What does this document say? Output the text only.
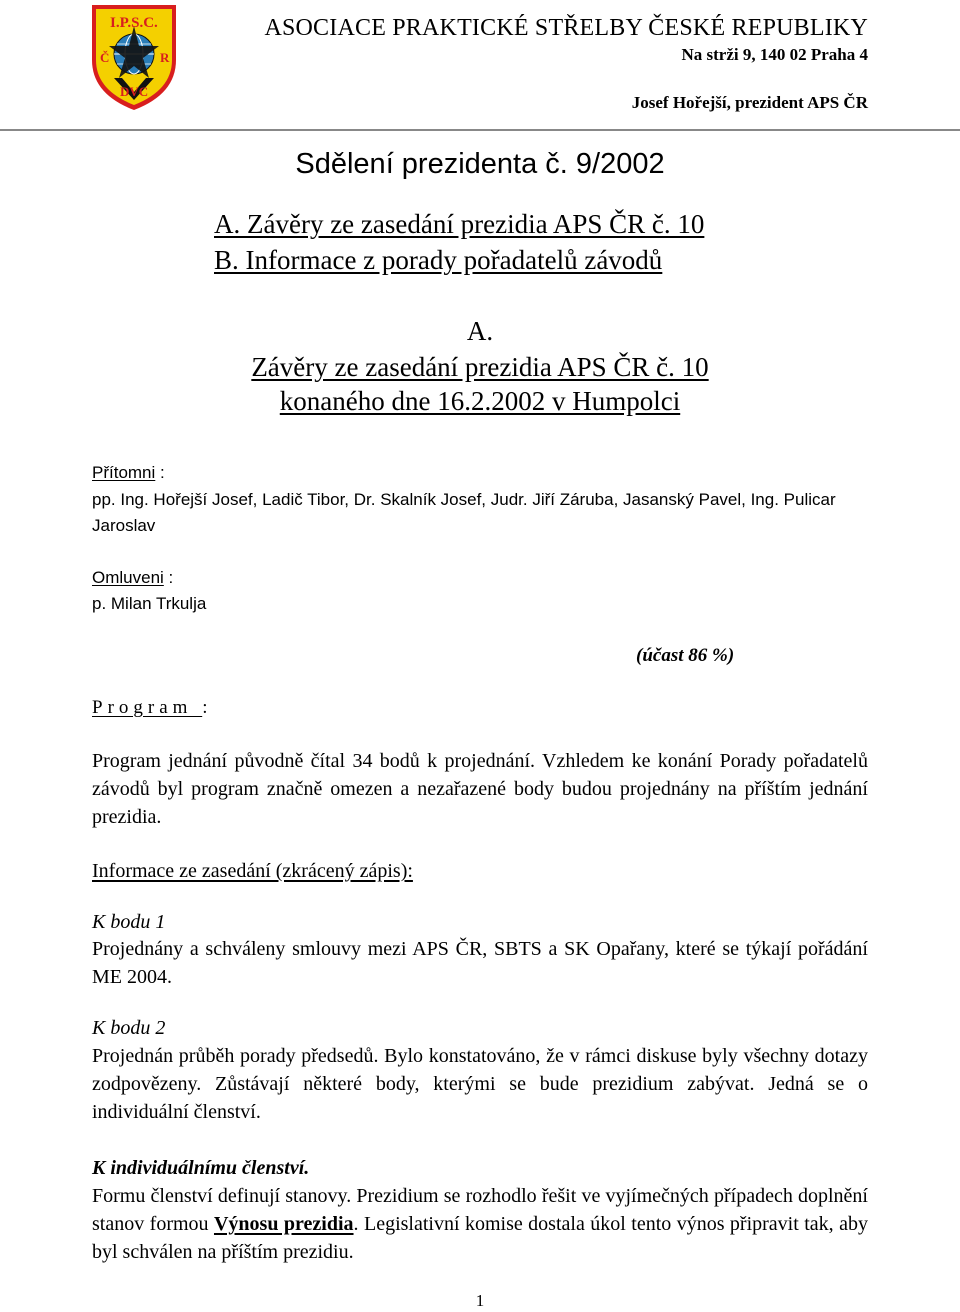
I.P.S.C.
Č	R
DVC
ASOCIACE PRAKTICKÉ STŘELBY ČESKÉ REPUBLIKY
Na strži 9, 140 02 Praha 4
Josef Hořejší, prezident APS ČR
Sdělení prezidenta č. 9/2002
A. Závěry ze zasedání prezidia APS ČR č. 10
B. Informace z porady pořadatelů závodů
A.
Závěry ze zasedání prezidia APS ČR č. 10
konaného dne 16.2.2002 v Humpolci
Přítomni :
pp. Ing. Hořejší Josef, Ladič Tibor, Dr. Skalník Josef, Judr. Jiří Záruba, Jasanský Pavel, Ing. Pulicar Jaroslav
Omluveni :
p. Milan Trkulja
(účast 86 %)
Program :
Program jednání původně čítal 34 bodů k projednání. Vzhledem ke konání Porady pořadatelů závodů byl program značně omezen a nezařazené body budou projednány na příštím jednání prezidia.
Informace ze zasedání (zkrácený zápis):
K bodu 1
Projednány a schváleny smlouvy mezi APS ČR, SBTS a SK Opařany, které se týkají pořádání ME 2004.
K bodu 2
Projednán průběh porady předsedů. Bylo konstatováno, že v rámci diskuse byly všechny dotazy zodpovězeny. Zůstávají některé body, kterými se bude prezidium zabývat. Jedná se o individuální členství.
K individuálnímu členství.
Formu členství definují stanovy. Prezidium se rozhodlo řešit ve vyjímečných případech doplnění stanov formou Výnosu prezidia. Legislativní komise dostala úkol tento výnos připravit tak, aby byl schválen na příštím prezidiu.
1
